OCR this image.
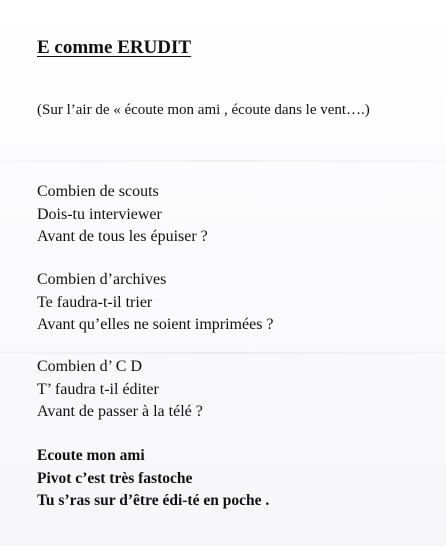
E comme ERUDIT
(Sur l’air de « écoute mon ami , écoute dans le vent….)
Combien de scouts
Dois-tu interviewer
Avant de tous les épuiser ?
Combien d’archives
Te faudra-t-il trier
Avant qu’elles ne soient imprimées ?
Combien d’ C D
T’ faudra t-il éditer
Avant de passer à la télé ?
Ecoute mon ami
Pivot c’est très fastoche
Tu s’ras sur d’être édi-té en poche .
